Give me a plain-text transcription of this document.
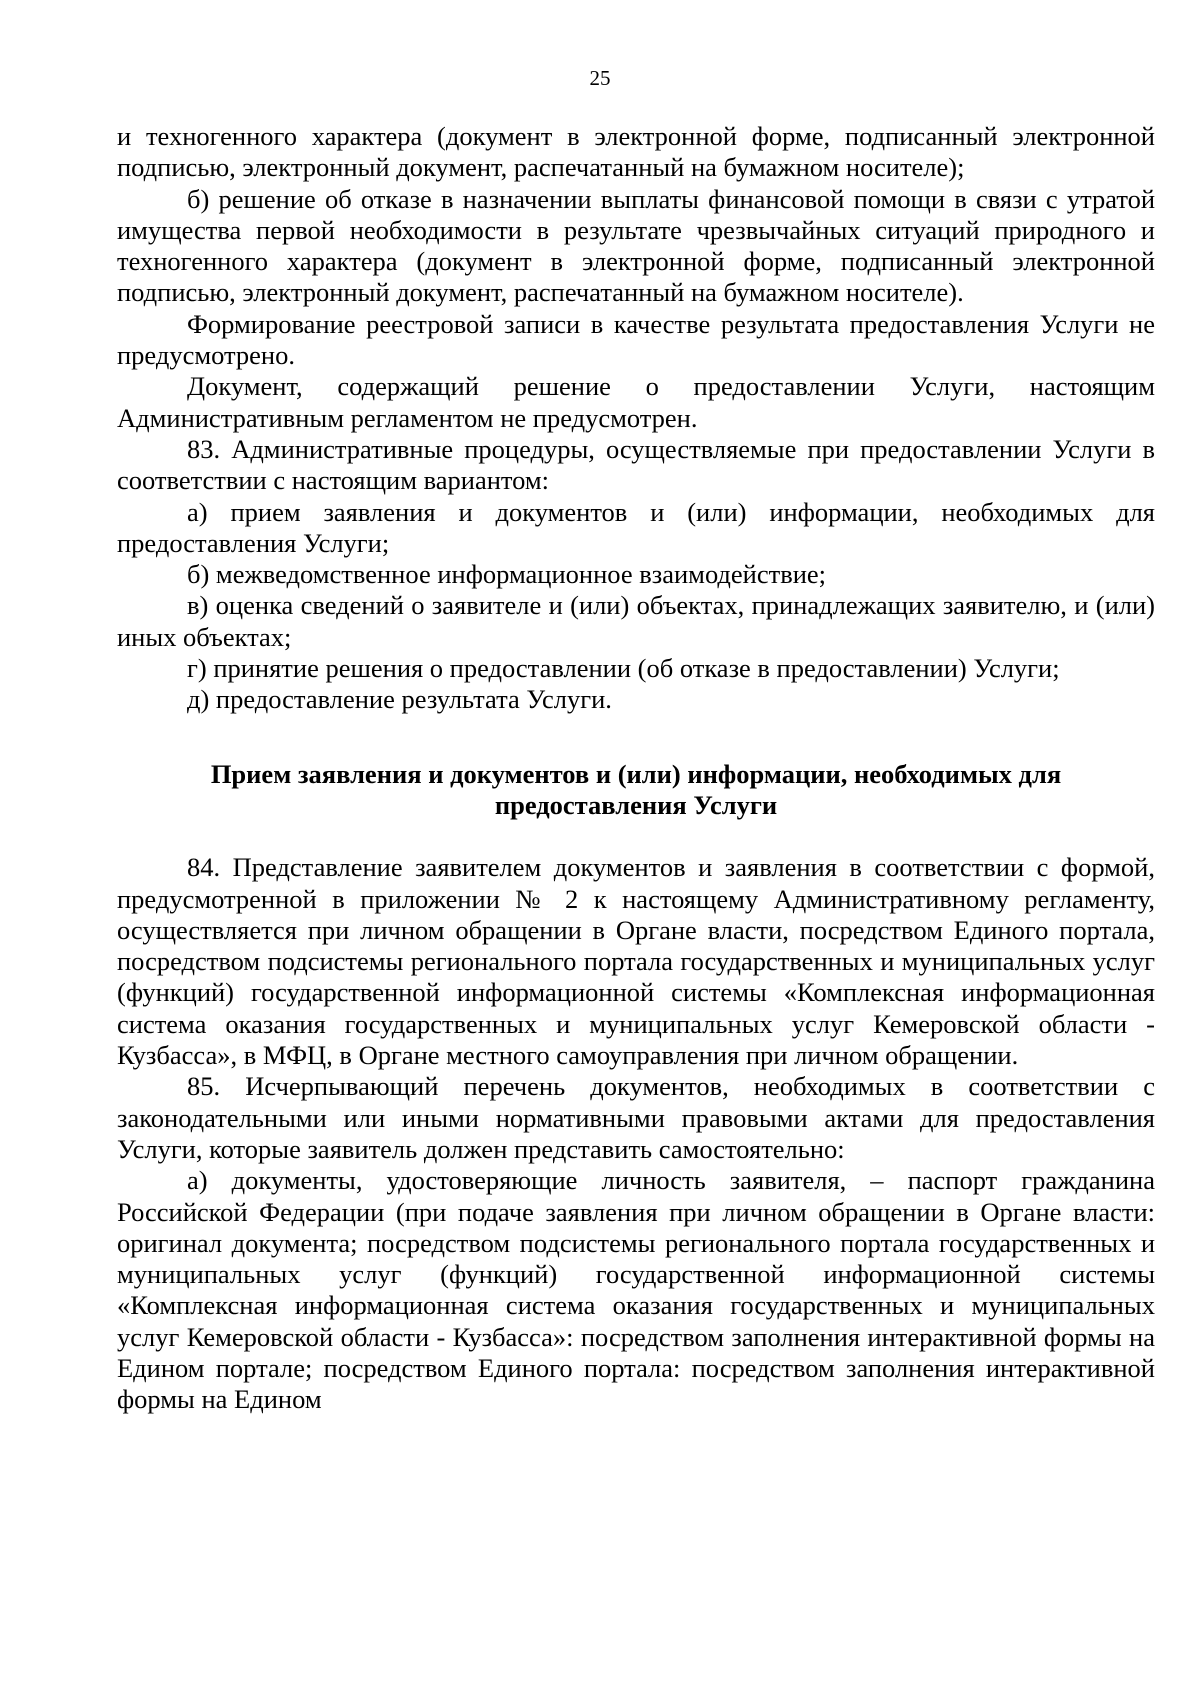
25

и техногенного характера (документ в электронной форме, подписанный электронной подписью, электронный документ, распечатанный на бумажном носителе);

б) решение об отказе в назначении выплаты финансовой помощи в связи с утратой имущества первой необходимости в результате чрезвычайных ситуаций природного и техногенного характера (документ в электронной форме, подписанный электронной подписью, электронный документ, распечатанный на бумажном носителе).

Формирование реестровой записи в качестве результата предоставления Услуги не предусмотрено.

Документ, содержащий решение о предоставлении Услуги, настоящим Административным регламентом не предусмотрен.

83. Административные процедуры, осуществляемые при предоставлении Услуги в соответствии с настоящим вариантом:

а) прием заявления и документов и (или) информации, необходимых для предоставления Услуги;

б) межведомственное информационное взаимодействие;

в) оценка сведений о заявителе и (или) объектах, принадлежащих заявителю, и (или) иных объектах;

г) принятие решения о предоставлении (об отказе в предоставлении) Услуги;

д) предоставление результата Услуги.

Прием заявления и документов и (или) информации, необходимых для
предоставления Услуги

84. Представление заявителем документов и заявления в соответствии с формой, предусмотренной в приложении № 2 к настоящему Административному регламенту, осуществляется при личном обращении в Органе власти, посредством Единого портала, посредством подсистемы регионального портала государственных и муниципальных услуг (функций) государственной информационной системы «Комплексная информационная система оказания государственных и муниципальных услуг Кемеровской области - Кузбасса», в МФЦ, в Органе местного самоуправления при личном обращении.

85. Исчерпывающий перечень документов, необходимых в соответствии с законодательными или иными нормативными правовыми актами для предоставления Услуги, которые заявитель должен представить самостоятельно:

а) документы, удостоверяющие личность заявителя, – паспорт гражданина Российской Федерации (при подаче заявления при личном обращении в Органе власти: оригинал документа; посредством подсистемы регионального портала государственных и муниципальных услуг (функций) государственной информационной системы «Комплексная информационная система оказания государственных и муниципальных услуг Кемеровской области - Кузбасса»: посредством заполнения интерактивной формы на Едином портале; посредством Единого портала: посредством заполнения интерактивной формы на Едином
